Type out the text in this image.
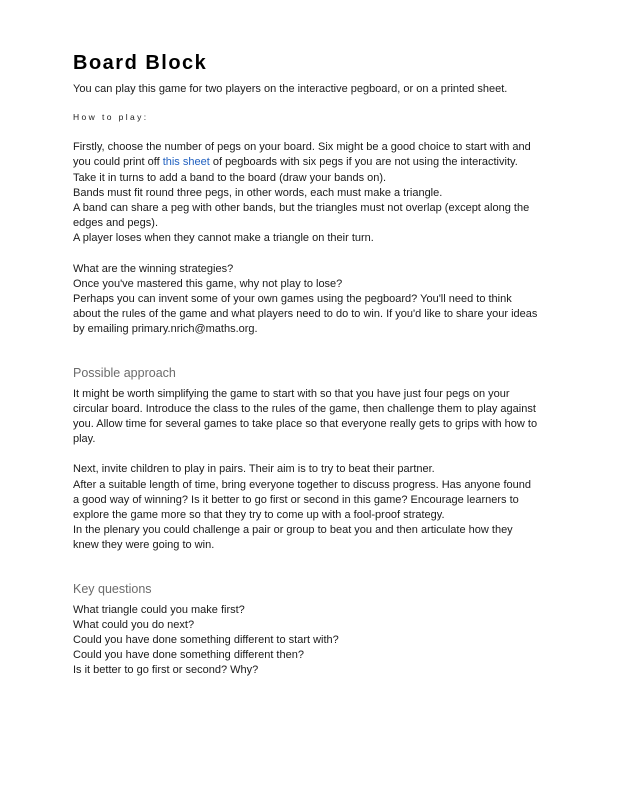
Board Block

You can play this game for two players on the interactive pegboard, or on a printed sheet.

How to play:

Firstly, choose the number of pegs on your board. Six might be a good choice to start with and

you could print off this sheet of pegboards with six pegs if you are not using the interactivity.

Take it in turns to add a band to the board (draw your bands on).

Bands must fit round three pegs, in other words, each must make a triangle.

A band can share a peg with other bands, but the triangles must not overlap (except along the

edges and pegs).

A player loses when they cannot make a triangle on their turn.

What are the winning strategies?

Once you've mastered this game, why not play to lose?

Perhaps you can invent some of your own games using the pegboard? You'll need to think

about the rules of the game and what players need to do to win. If you'd like to share your ideas

by emailing primary.nrich@maths.org.

Possible approach

It might be worth simplifying the game to start with so that you have just four pegs on your

circular board. Introduce the class to the rules of the game, then challenge them to play against

you. Allow time for several games to take place so that everyone really gets to grips with how to

play.

Next, invite children to play in pairs. Their aim is to try to beat their partner.

After a suitable length of time, bring everyone together to discuss progress. Has anyone found

a good way of winning? Is it better to go first or second in this game? Encourage learners to

explore the game more so that they try to come up with a fool-proof strategy.

In the plenary you could challenge a pair or group to beat you and then articulate how they

knew they were going to win.

Key questions

What triangle could you make first?

What could you do next?

Could you have done something different to start with?

Could you have done something different then?

Is it better to go first or second? Why?
